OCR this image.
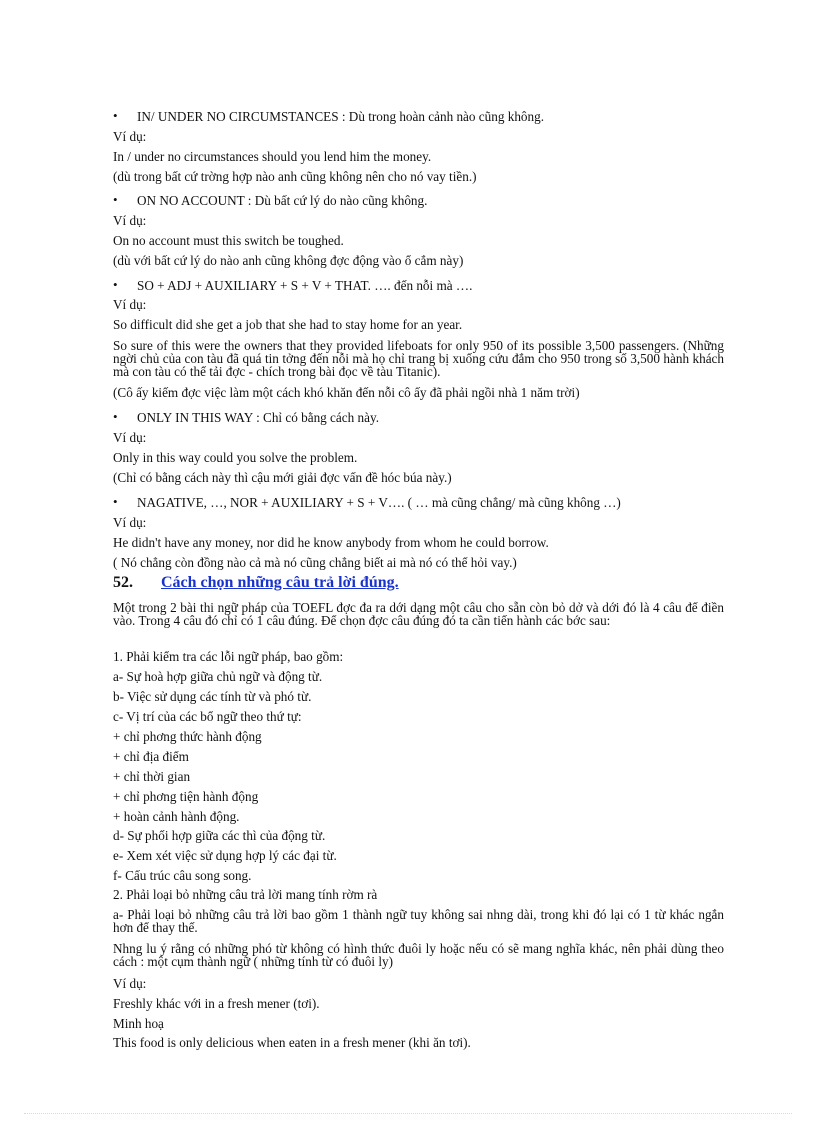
•	IN/ UNDER NO CIRCUMSTANCES : Dù trong hoàn cảnh nào cũng không.
Ví dụ:
In / under no circumstances should you lend him the money.
(dù trong bất cứ trờng hợp nào anh cũng không nên cho nó vay tiền.)
•	ON NO ACCOUNT : Dù bất cứ lý do nào cũng không.
Ví dụ:
On no account must this switch be toughed.
(dù với bất cứ lý do nào anh cũng không đợc động vào ổ cắm này)
•	SO + ADJ + AUXILIARY + S + V + THAT. …. đến nỗi mà ….
Ví dụ:
So difficult did she get a job that she had to stay home for an year.
So sure of this were the owners that they provided lifeboats for only 950 of its possible 3,500 passengers. (Những ngời chủ của con tàu đã quá tin tởng đến nỗi mà họ chỉ trang bị xuống cứu đắm cho 950 trong số 3,500 hành khách mà con tàu có thể tải đợc - chích trong bài đọc về tàu Titanic).
(Cô ấy kiếm đợc việc làm một cách khó khăn đến nỗi cô ấy đã phải ngồi nhà 1 năm trời)
•	ONLY IN THIS WAY : Chỉ có bằng cách này.
Ví dụ:
Only in this way could you solve the problem.
(Chỉ có bằng cách này thì cậu mới giải đợc vấn đề hóc búa này.)
•	NAGATIVE, …, NOR + AUXILIARY + S + V…. ( … mà cũng chẳng/ mà cũng không …)
Ví dụ:
He didn't have any money, nor did he know anybody from whom he could borrow.
( Nó chẳng còn đồng nào cả mà nó cũng chẳng biết ai mà nó có thể hỏi vay.)
52. Cách chọn những câu trả lời đúng.
Một trong 2 bài thi ngữ pháp của TOEFL đợc đa ra dới dạng một câu cho sẵn còn bỏ dở và dới đó là 4 câu để điền vào. Trong 4 câu đó chỉ có 1 câu đúng. Để chọn đợc câu đúng đó ta cần tiến hành các bớc sau:
1. Phải kiểm tra các lỗi ngữ pháp, bao gồm:
a- Sự hoà hợp giữa chủ ngữ và động từ.
b- Việc sử dụng các tính từ và phó từ.
c- Vị trí của các bổ ngữ theo thứ tự:
+ chỉ phơng thức hành động
+ chỉ địa điểm
+ chỉ thời gian
+ chỉ phơng tiện hành động
+ hoàn cảnh hành động.
d- Sự phối hợp giữa các thì của động từ.
e- Xem xét việc sử dụng hợp lý các đại từ.
f- Cấu trúc câu song song.
2. Phải loại bỏ những câu trả lời mang tính rờm rà
a- Phải loại bỏ những câu trả lời bao gồm 1 thành ngữ tuy không sai nhng dài, trong khi đó lại có 1 từ khác ngắn hơn để thay thế.
Nhng lu ý rằng có những phó từ không có hình thức đuôi ly hoặc nếu có sẽ mang nghĩa khác, nên phải dùng theo cách : một cụm thành ngữ ( những tính từ có đuôi ly)
Ví dụ:
Freshly khác với in a fresh mener (tơi).
Minh hoạ
This food is only delicious when eaten in a fresh mener (khi ăn tơi).
